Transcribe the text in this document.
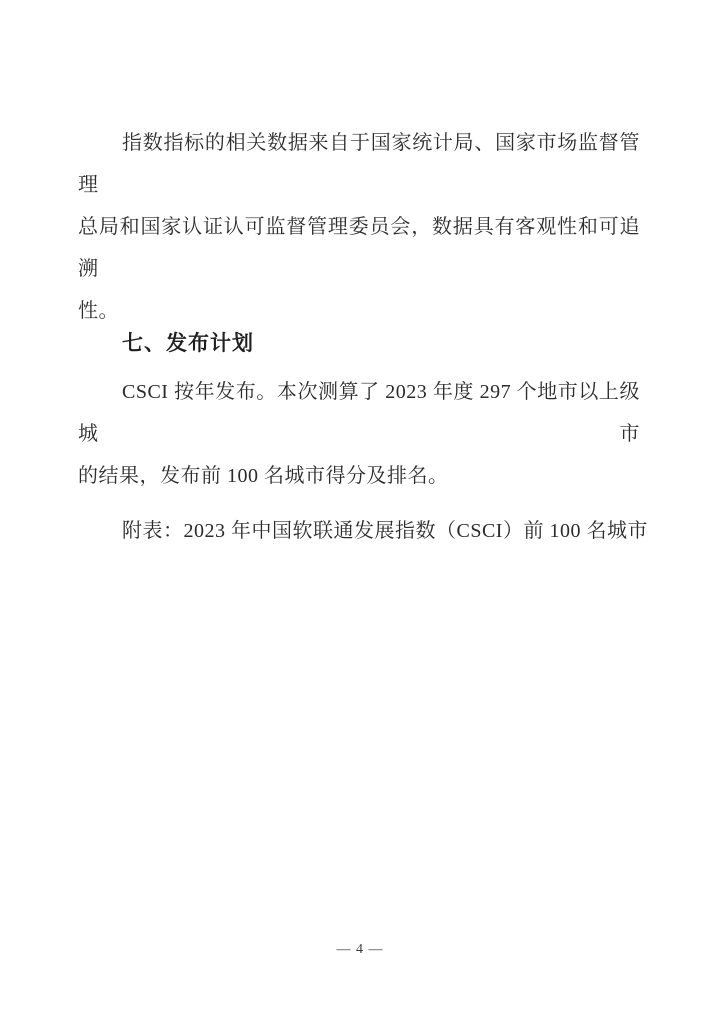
指数指标的相关数据来自于国家统计局、国家市场监督管理
总局和国家认证认可监督管理委员会，数据具有客观性和可追溯
性。
七、发布计划
CSCI 按年发布。本次测算了 2023 年度 297 个地市以上级城市
的结果，发布前 100 名城市得分及排名。
附表：2023 年中国软联通发展指数（CSCI）前 100 名城市
— 4 —
